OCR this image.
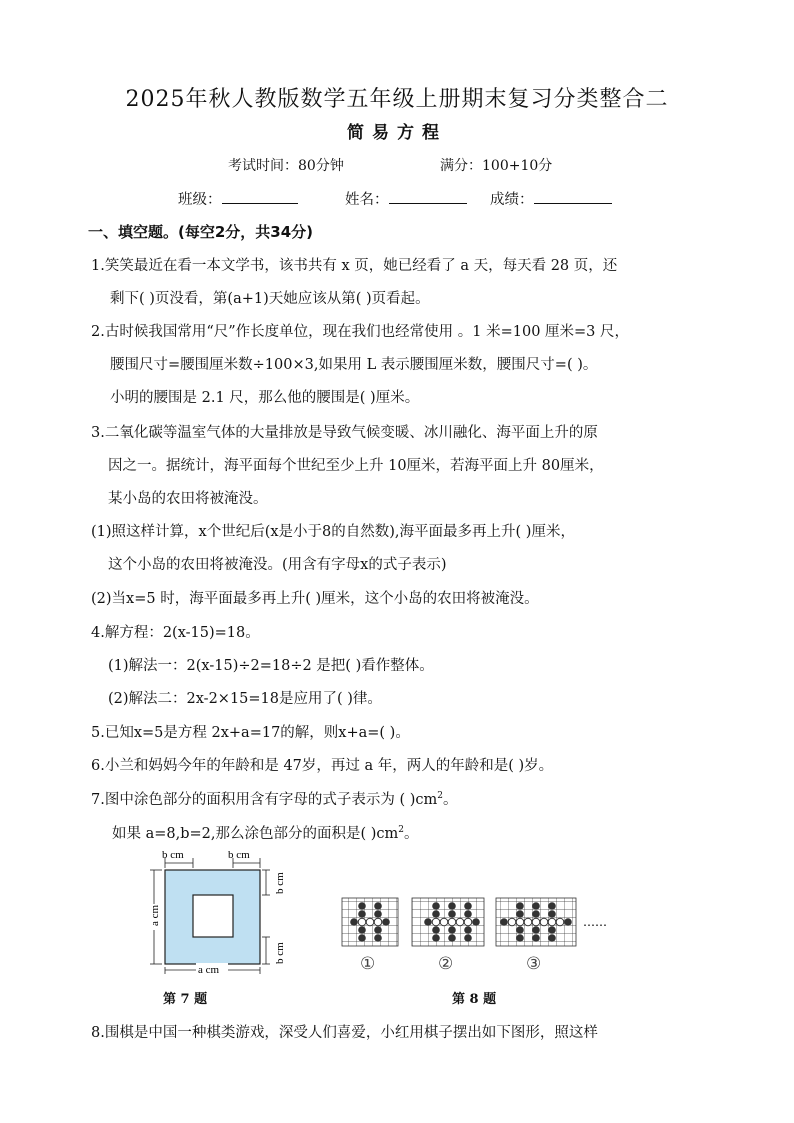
2025年秋人教版数学五年级上册期末复习分类整合二
简易方程
考试时间：80分钟	满分：100+10分
班级：	姓名：	成绩：
一、填空题。(每空2分，共34分)
1.笑笑最近在看一本文学书，该书共有 x 页，她已经看了 a 天，每天看 28 页，还
剩下( )页没看，第(a+1)天她应该从第( )页看起。
2.古时候我国常用“尺”作长度单位，现在我们也经常使用 。1 米=100 厘米=3 尺，
腰围尺寸=腰围厘米数÷100×3,如果用 L 表示腰围厘米数，腰围尺寸=( )。
小明的腰围是 2.1 尺，那么他的腰围是( )厘米。
3.二氧化碳等温室气体的大量排放是导致气候变暖、冰川融化、海平面上升的原
因之一。据统计，海平面每个世纪至少上升 10厘米，若海平面上升 80厘米，
某小岛的农田将被淹没。
(1)照这样计算，x个世纪后(x是小于8的自然数),海平面最多再上升( )厘米，
这个小岛的农田将被淹没。(用含有字母x的式子表示)
(2)当x=5 时，海平面最多再上升( )厘米，这个小岛的农田将被淹没。
4.解方程：2(x-15)=18。
(1)解法一：2(x-15)÷2=18÷2 是把( )看作整体。
(2)解法二：2x-2×15=18是应用了( )律。
5.已知x=5是方程 2x+a=17的解，则x+a=( )。
6.小兰和妈妈今年的年龄和是 47岁，再过 a 年，两人的年龄和是( )岁。
7.图中涂色部分的面积用含有字母的式子表示为 ( )$cm^2$。
如果 a=8,b=2,那么涂色部分的面积是( )$cm^2$。
b cm	b cm
a cm
a cm
b cm
b cm
第 7 题
……
①	②	③
第 8 题
8.围棋是中国一种棋类游戏，深受人们喜爱，小红用棋子摆出如下图形，照这样
